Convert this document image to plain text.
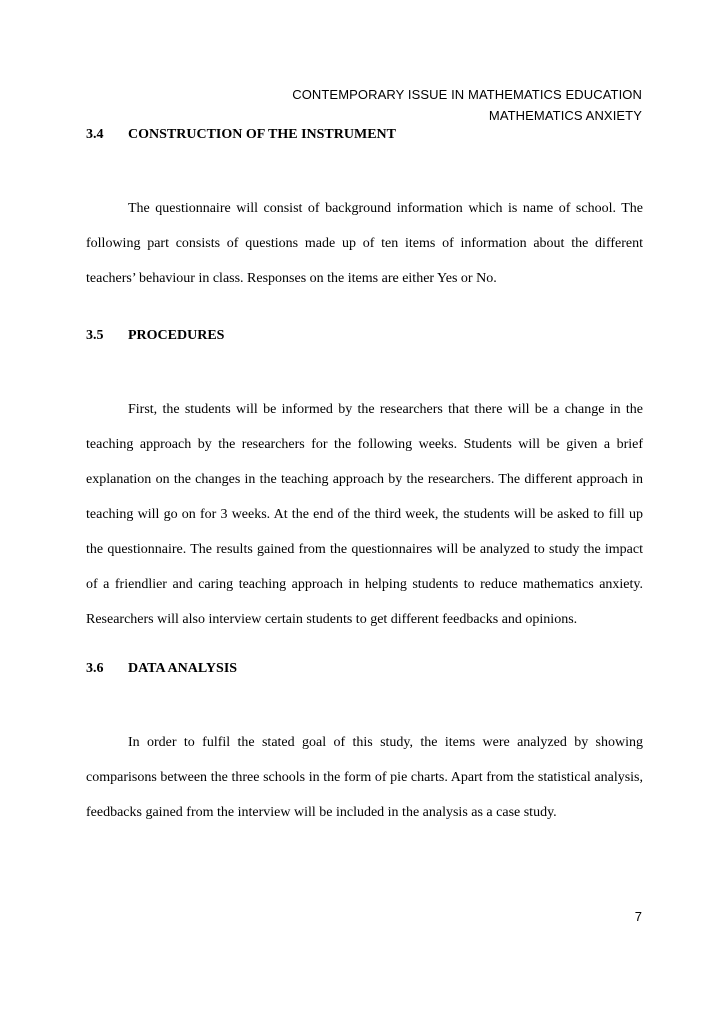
CONTEMPORARY ISSUE IN MATHEMATICS EDUCATION
MATHEMATICS ANXIETY
3.4 CONSTRUCTION OF THE INSTRUMENT

The questionnaire will consist of background information which is name of school. The following part consists of questions made up of ten items of information about the different teachers’ behaviour in class. Responses on the items are either Yes or No.

3.5 PROCEDURES

First, the students will be informed by the researchers that there will be a change in the teaching approach by the researchers for the following weeks. Students will be given a brief explanation on the changes in the teaching approach by the researchers. The different approach in teaching will go on for 3 weeks. At the end of the third week, the students will be asked to fill up the questionnaire. The results gained from the questionnaires will be analyzed to study the impact of a friendlier and caring teaching approach in helping students to reduce mathematics anxiety. Researchers will also interview certain students to get different feedbacks and opinions.

3.6 DATA ANALYSIS

In order to fulfil the stated goal of this study, the items were analyzed by showing comparisons between the three schools in the form of pie charts. Apart from the statistical analysis, feedbacks gained from the interview will be included in the analysis as a case study.

7
